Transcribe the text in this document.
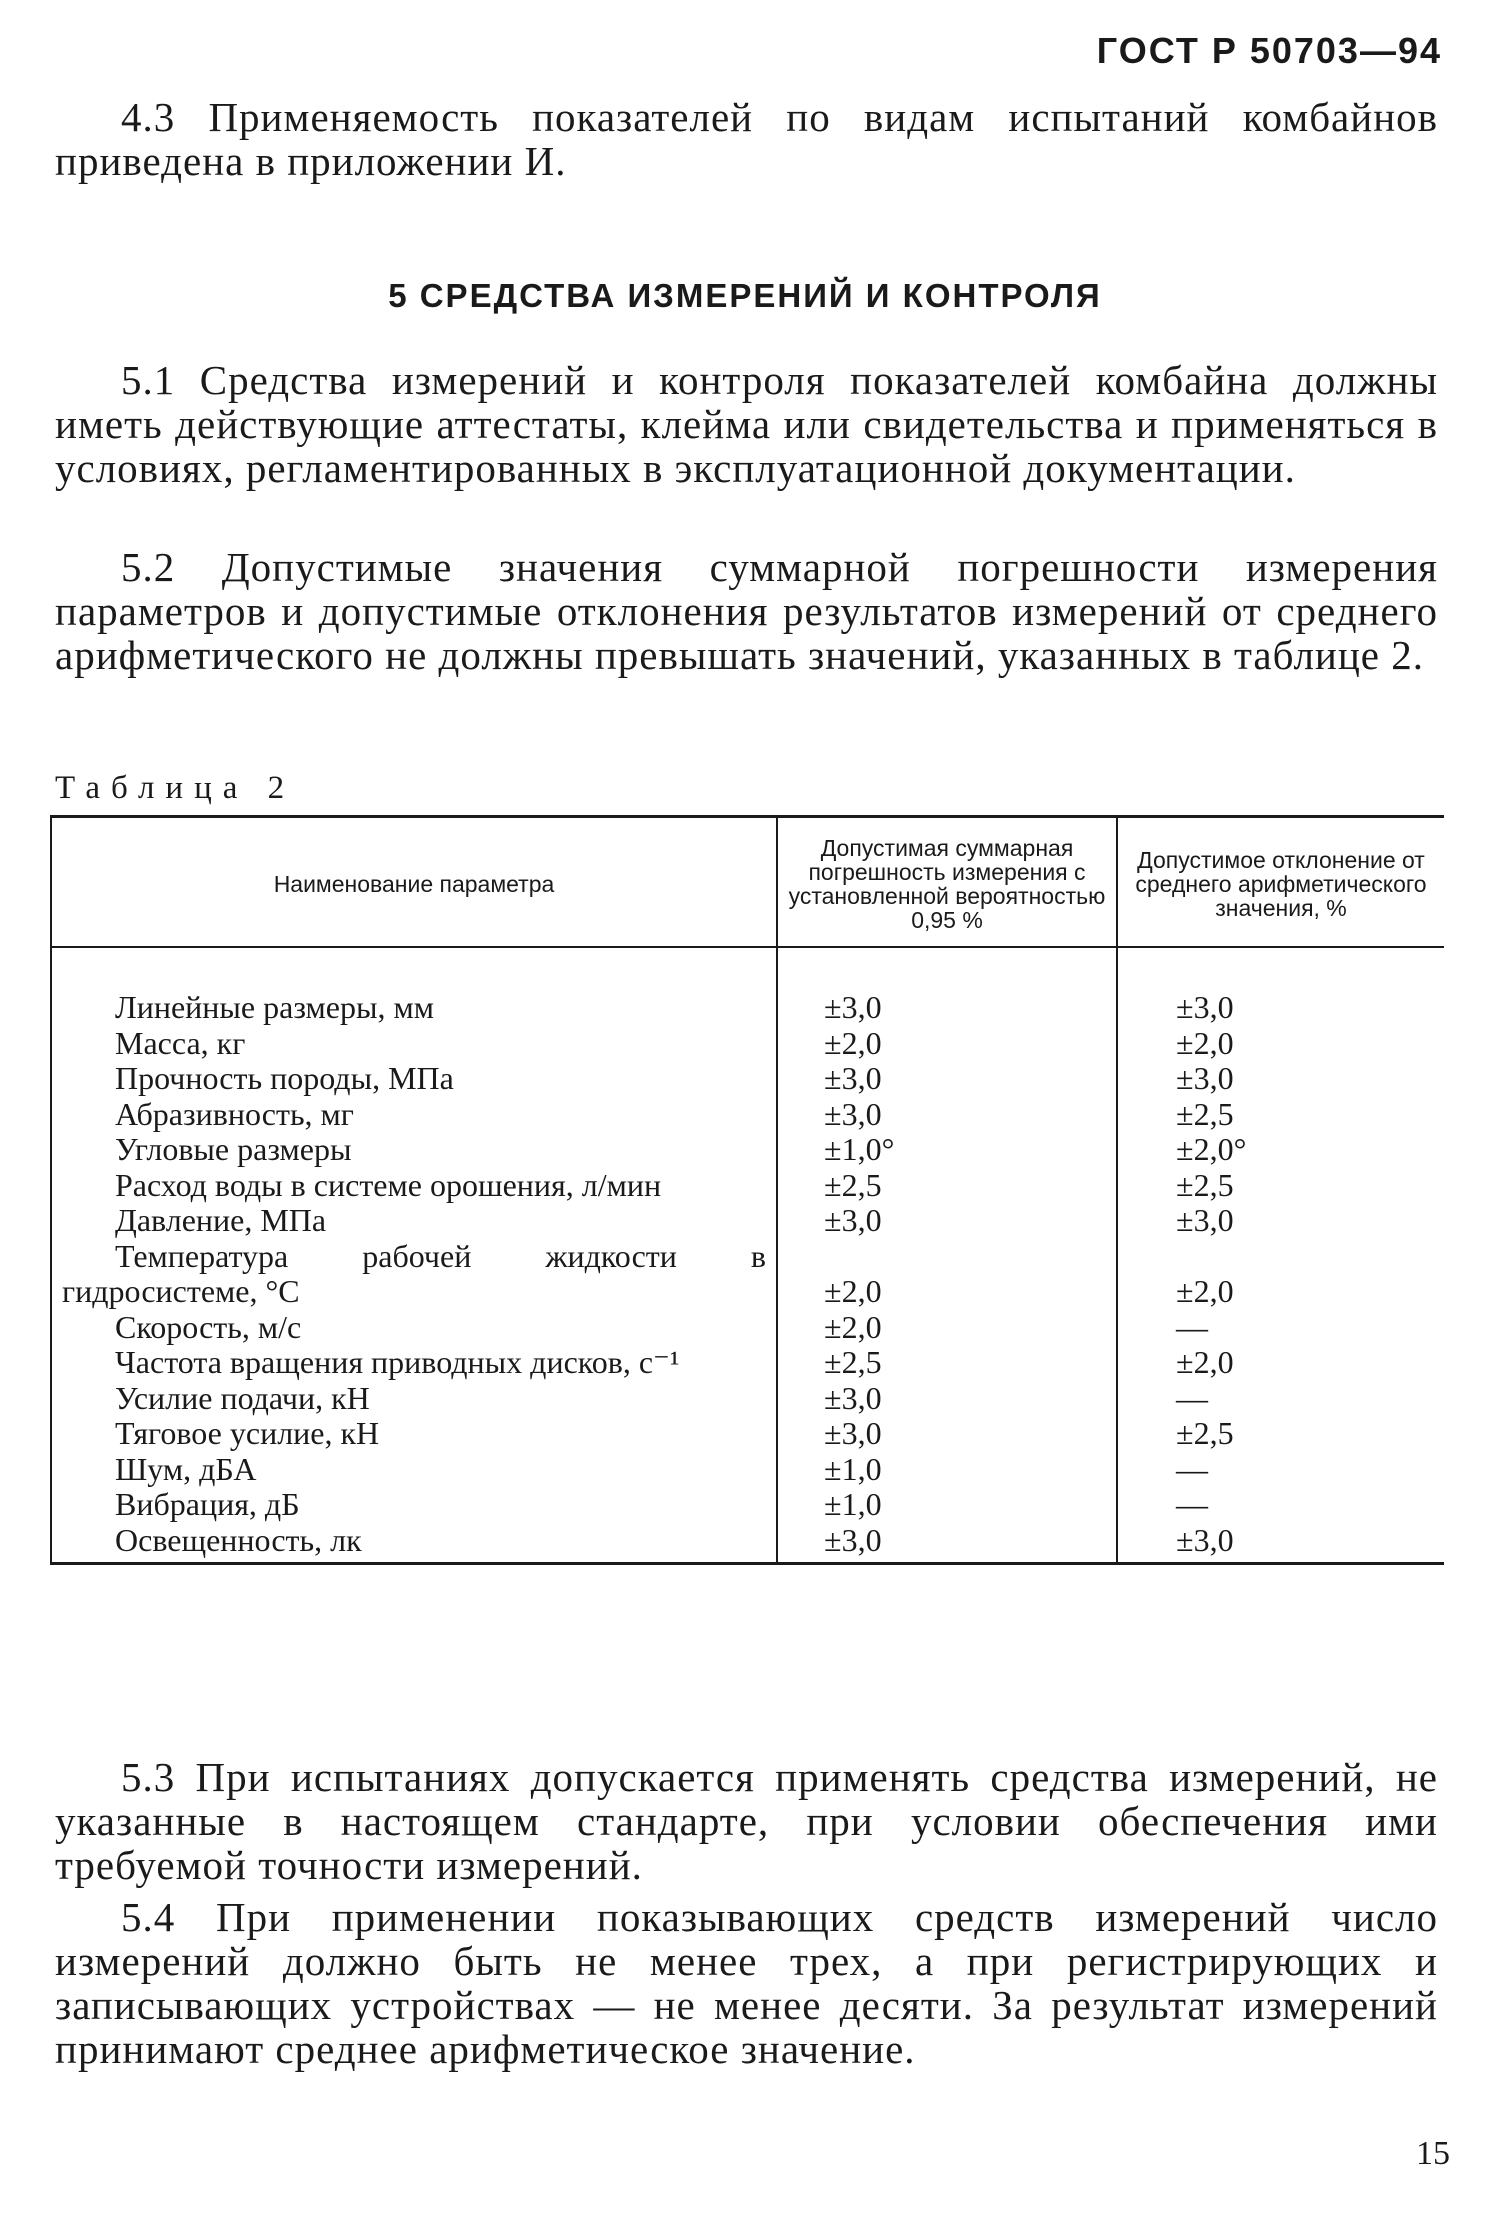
ГОСТ Р 50703—94

4.3 Применяемость показателей по видам испытаний комбайнов приведена в приложении И.

5 СРЕДСТВА ИЗМЕРЕНИЙ И КОНТРОЛЯ

5.1 Средства измерений и контроля показателей комбайна должны иметь действующие аттестаты, клейма или свидетельства и применяться в условиях, регламентированных в эксплуатационной документации.

5.2 Допустимые значения суммарной погрешности измерения параметров и допустимые отклонения результатов измерений от среднего арифметического не должны превышать значений, указанных в таблице 2.

Таблица 2
Наименование параметра	Допустимая суммарная погрешность измерения с установленной вероятностью 0,95 %	Допустимое отклонение от среднего арифметического значения, %

Линейные размеры, мм	±3,0	±3,0

Масса, кг	±2,0	±2,0

Прочность породы, МПа	±3,0	±3,0

Абразивность, мг	±3,0	±2,5

Угловые размеры	±1,0°	±2,0°

Расход воды в системе орошения, л/мин	±2,5	±2,5

Давление, МПа	±3,0	±3,0

Температура рабочей жидкости в гидросистеме, °С	±2,0	±2,0

Скорость, м/с	±2,0	—

Частота вращения приводных дисков, с⁻¹	±2,5	±2,0

Усилие подачи, кН	±3,0	—

Тяговое усилие, кН	±3,0	±2,5

Шум, дБА	±1,0	—

Вибрация, дБ	±1,0	—

Освещенность, лк	±3,0	±3,0

5.3 При испытаниях допускается применять средства измерений, не указанные в настоящем стандарте, при условии обеспечения ими требуемой точности измерений.

5.4 При применении показывающих средств измерений число измерений должно быть не менее трех, а при регистрирующих и записывающих устройствах — не менее десяти. За результат измерений принимают среднее арифметическое значение.

15
